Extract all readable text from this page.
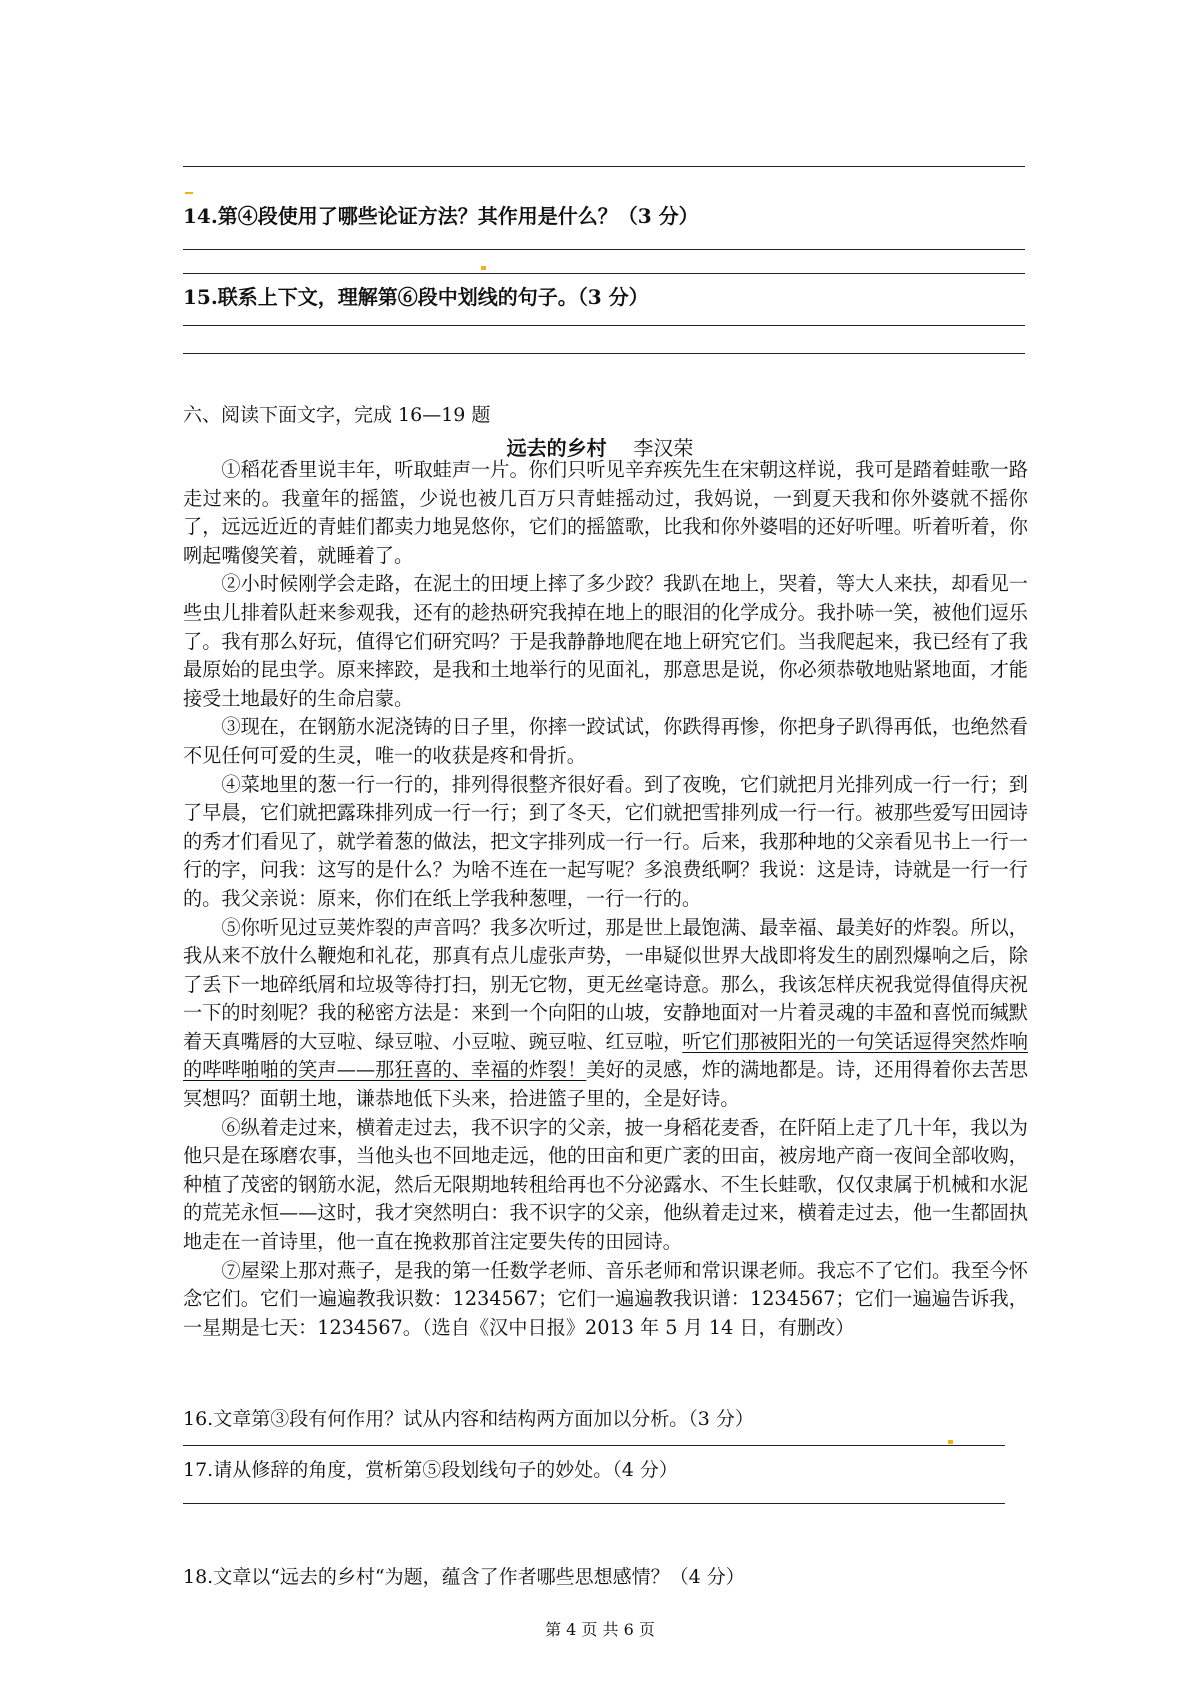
14.第④段使用了哪些论证方法？其作用是什么？（3 分）
15.联系上下文，理解第⑥段中划线的句子。（3 分）
六、阅读下面文字，完成 16—19 题
远去的乡村 李汉荣
①稻花香里说丰年，听取蛙声一片。你们只听见辛弃疾先生在宋朝这样说，我可是踏着蛙歌一路走过来的。我童年的摇篮，少说也被几百万只青蛙摇动过，我妈说，一到夏天我和你外婆就不摇你了，远远近近的青蛙们都卖力地晃悠你，它们的摇篮歌，比我和你外婆唱的还好听哩。听着听着，你咧起嘴傻笑着，就睡着了。
②小时候刚学会走路，在泥土的田埂上摔了多少跤？我趴在地上，哭着，等大人来扶，却看见一些虫儿排着队赶来参观我，还有的趁热研究我掉在地上的眼泪的化学成分。我扑哧一笑，被他们逗乐了。我有那么好玩，值得它们研究吗？于是我静静地爬在地上研究它们。当我爬起来，我已经有了我最原始的昆虫学。原来摔跤，是我和土地举行的见面礼，那意思是说，你必须恭敬地贴紧地面，才能接受土地最好的生命启蒙。
③现在，在钢筋水泥浇铸的日子里，你摔一跤试试，你跌得再惨，你把身子趴得再低，也绝然看不见任何可爱的生灵，唯一的收获是疼和骨折。
④菜地里的葱一行一行的，排列得很整齐很好看。到了夜晚，它们就把月光排列成一行一行；到了早晨，它们就把露珠排列成一行一行；到了冬天，它们就把雪排列成一行一行。被那些爱写田园诗的秀才们看见了，就学着葱的做法，把文字排列成一行一行。后来，我那种地的父亲看见书上一行一行的字，问我：这写的是什么？为啥不连在一起写呢？多浪费纸啊？我说：这是诗，诗就是一行一行的。我父亲说：原来，你们在纸上学我种葱哩，一行一行的。
⑤你听见过豆荚炸裂的声音吗？我多次听过，那是世上最饱满、最幸福、最美好的炸裂。所以，我从来不放什么鞭炮和礼花，那真有点儿虚张声势，一串疑似世界大战即将发生的剧烈爆响之后，除了丢下一地碎纸屑和垃圾等待打扫，别无它物，更无丝毫诗意。那么，我该怎样庆祝我觉得值得庆祝一下的时刻呢？我的秘密方法是：来到一个向阳的山坡，安静地面对一片着灵魂的丰盈和喜悦而缄默着天真嘴唇的大豆啦、绿豆啦、小豆啦、豌豆啦、红豆啦，听它们那被阳光的一句笑话逗得突然炸响的哔哔啪啪的笑声——那狂喜的、幸福的炸裂！美好的灵感，炸的满地都是。诗，还用得着你去苦思冥想吗？面朝土地，谦恭地低下头来，拾进篮子里的，全是好诗。
⑥纵着走过来，横着走过去，我不识字的父亲，披一身稻花麦香，在阡陌上走了几十年，我以为他只是在琢磨农事，当他头也不回地走远，他的田亩和更广袤的田亩，被房地产商一夜间全部收购，种植了茂密的钢筋水泥，然后无限期地转租给再也不分泌露水、不生长蛙歌，仅仅隶属于机械和水泥的荒芜永恒——这时，我才突然明白：我不识字的父亲，他纵着走过来，横着走过去，他一生都固执地走在一首诗里，他一直在挽救那首注定要失传的田园诗。
⑦屋梁上那对燕子，是我的第一任数学老师、音乐老师和常识课老师。我忘不了它们。我至今怀念它们。它们一遍遍教我识数：1234567；它们一遍遍教我识谱：1234567；它们一遍遍告诉我，一星期是七天：1234567。（选自《汉中日报》2013 年 5 月 14 日，有删改）
16.文章第③段有何作用？试从内容和结构两方面加以分析。（3 分）
17.请从修辞的角度，赏析第⑤段划线句子的妙处。（4 分）
18.文章以“远去的乡村“为题，蕴含了作者哪些思想感情？（4 分）
第 4 页 共 6 页
